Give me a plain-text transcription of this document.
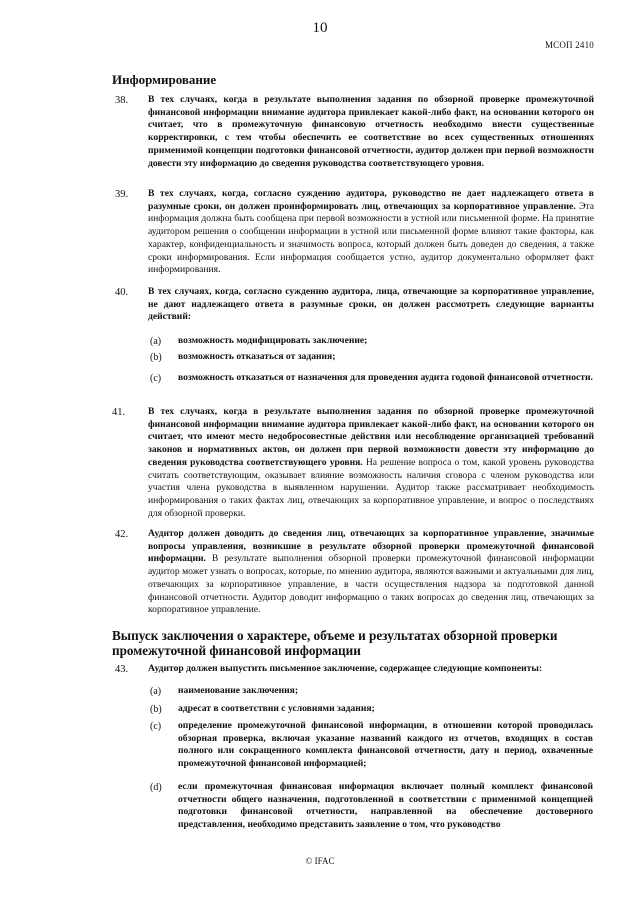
10
МСОП 2410
Информирование
38. В тех случаях, когда в результате выполнения задания по обзорной проверке промежуточной финансовой информации внимание аудитора привлекает какой-либо факт, на основании которого он считает, что в промежуточную финансовую отчетность необходимо внести существенные корректировки, с тем чтобы обеспечить ее соответствие во всех существенных отношениях применимой концепции подготовки финансовой отчетности, аудитор должен при первой возможности довести эту информацию до сведения руководства соответствующего уровня.
39. В тех случаях, когда, согласно суждению аудитора, руководство не дает надлежащего ответа в разумные сроки, он должен проинформировать лиц, отвечающих за корпоративное управление. Эта информация должна быть сообщена при первой возможности в устной или письменной форме. На принятие аудитором решения о сообщении информации в устной или письменной форме влияют такие факторы, как характер, конфиденциальность и значимость вопроса, который должен быть доведен до сведения, а также сроки информирования. Если информация сообщается устно, аудитор документально оформляет факт информирования.
40. В тех случаях, когда, согласно суждению аудитора, лица, отвечающие за корпоративное управление, не дают надлежащего ответа в разумные сроки, он должен рассмотреть следующие варианты действий:
(a) возможность модифицировать заключение;
(b) возможность отказаться от задания;
(c) возможность отказаться от назначения для проведения аудита годовой финансовой отчетности.
41. В тех случаях, когда в результате выполнения задания по обзорной проверке промежуточной финансовой информации внимание аудитора привлекает какой-либо факт, на основании которого он считает, что имеют место недобросовестные действия или несоблюдение организацией требований законов и нормативных актов, он должен при первой возможности довести эту информацию до сведения руководства соответствующего уровня. На решение вопроса о том, какой уровень руководства считать соответствующим, оказывает влияние возможность наличия сговора с членом руководства или участия члена руководства в выявленном нарушении. Аудитор также рассматривает необходимость информирования о таких фактах лиц, отвечающих за корпоративное управление, и вопрос о последствиях для обзорной проверки.
42. Аудитор должен доводить до сведения лиц, отвечающих за корпоративное управление, значимые вопросы управления, возникшие в результате обзорной проверки промежуточной финансовой информации. В результате выполнения обзорной проверки промежуточной финансовой информации аудитор может узнать о вопросах, которые, по мнению аудитора, являются важными и актуальными для лиц, отвечающих за корпоративное управление, в части осуществления надзора за подготовкой данной финансовой отчетности. Аудитор доводит информацию о таких вопросах до сведения лиц, отвечающих за корпоративное управление.
Выпуск заключения о характере, объеме и результатах обзорной проверки промежуточной финансовой информации
43. Аудитор должен выпустить письменное заключение, содержащее следующие компоненты:
(a) наименование заключения;
(b) адресат в соответствии с условиями задания;
(c) определение промежуточной финансовой информации, в отношении которой проводилась обзорная проверка, включая указание названий каждого из отчетов, входящих в состав полного или сокращенного комплекта финансовой отчетности, дату и период, охваченные промежуточной финансовой информацией;
(d) если промежуточная финансовая информация включает полный комплект финансовой отчетности общего назначения, подготовленной в соответствии с применимой концепцией подготовки финансовой отчетности, направленной на обеспечение достоверного представления, необходимо представить заявление о том, что руководство
© IFAC
